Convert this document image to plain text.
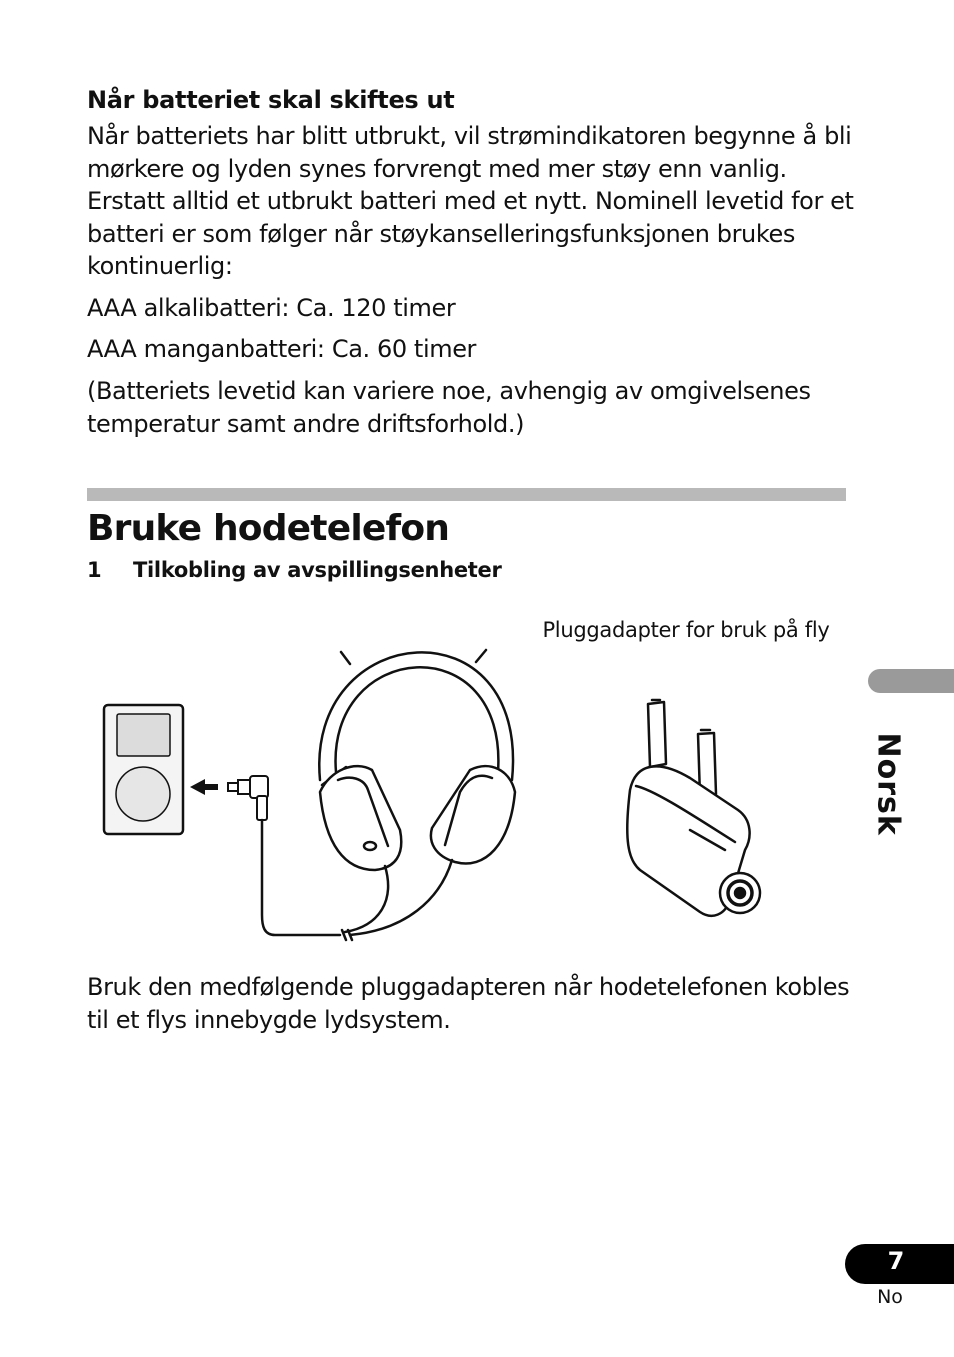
Når batteriet skal skiftes ut
Når batteriets har blitt utbrukt, vil strømindikatoren begynne å bli mørkere og lyden synes forvrengt med mer støy enn vanlig. Erstatt alltid et utbrukt batteri med et nytt. Nominell levetid for et batteri er som følger når støykanselleringsfunksjonen brukes kontinuerlig:
AAA alkalibatteri: Ca. 120 timer
AAA manganbatteri: Ca. 60 timer
(Batteriets levetid kan variere noe, avhengig av omgivelsenes temperatur samt andre driftsforhold.)
Bruke hodetelefon
1 Tilkobling av avspillingsenheter
Pluggadapter for bruk på fly
Bruk den medfølgende pluggadapteren når hodetelefonen kobles til et flys innebygde lydsystem.
Norsk
7
No
